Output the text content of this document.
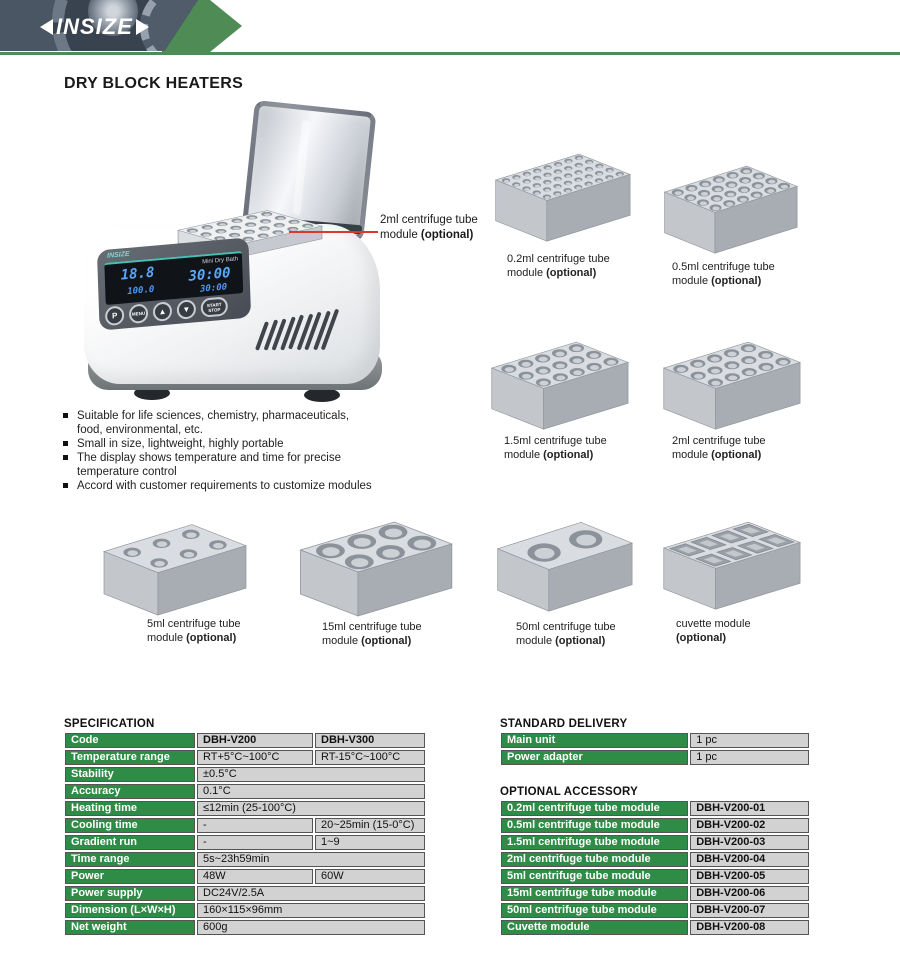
INSIZE
DRY BLOCK HEATERS
INSIZE
Mini Dry Bath
18.8
100.0
30:00
30:00
P	MENU	▲	▼
START
STOP
2ml centrifuge tube
module (optional)
Suitable for life sciences, chemistry, pharmaceuticals,
food, environmental, etc.
Small in size, lightweight, highly portable
The display shows temperature and time for precise
temperature control
Accord with customer requirements to customize modules
0.2ml centrifuge tube
module (optional)	0.5ml centrifuge tube
module (optional)
1.5ml centrifuge tube
module (optional)
2ml centrifuge tube
module (optional)
5ml centrifuge tube
module (optional)
15ml centrifuge tube
module (optional)
50ml centrifuge tube
module (optional)
cuvette module
(optional)
SPECIFICATION
Code	DBH-V200	DBH-V300
Temperature range	RT+5°C~100°C	RT-15°C~100°C
Stability	±0.5°C	
Accuracy	0.1°C	
Heating time	≤12min (25-100°C)	
Cooling time	-	20~25min (15-0°C)
Gradient run	-	1~9
Time range	5s~23h59min	
Power	48W	60W
Power supply	DC24V/2.5A	
Dimension (L×W×H)	160×115×96mm	
Net weight	600g	
STANDARD DELIVERY
Main unit	1 pc
Power adapter	1 pc
OPTIONAL ACCESSORY
0.2ml centrifuge tube module	DBH-V200-01
0.5ml centrifuge tube module	DBH-V200-02
1.5ml centrifuge tube module	DBH-V200-03
2ml centrifuge tube module	DBH-V200-04
5ml centrifuge tube module	DBH-V200-05
15ml centrifuge tube module	DBH-V200-06
50ml centrifuge tube module	DBH-V200-07
Cuvette module	DBH-V200-08
